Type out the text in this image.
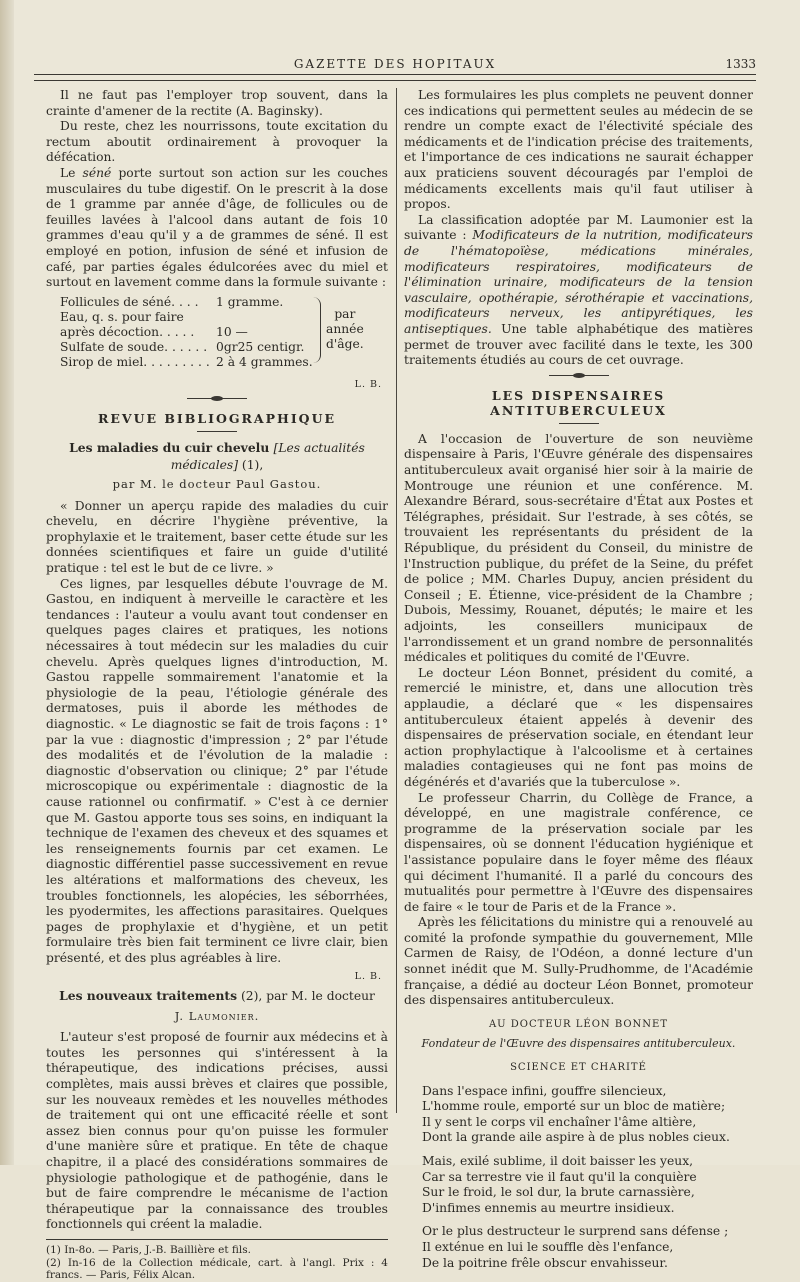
GAZETTE DES HOPITAUX	1333

Il ne faut pas l'employer trop souvent, dans la crainte d'amener de la rectite (A. Baginsky).

Du reste, chez les nourrissons, toute excitation du rectum aboutit ordinairement à provoquer la défécation.

Le séné porte surtout son action sur les couches musculaires du tube digestif. On le prescrit à la dose de 1 gramme par année d'âge, de follicules ou de feuilles lavées à l'alcool dans autant de fois 10 grammes d'eau qu'il y a de grammes de séné. Il est employé en potion, infusion de séné et infusion de café, par parties égales édulcorées avec du miel et surtout en lavement comme dans la formule suivante :

Follicules de séné. . . . 1 gramme.
Eau, q. s. pour faire
après décoction. . . . . 10 —
Sulfate de soude. . . . . . 0gr25 centigr.
Sirop de miel. . . . . . . . . 2 à 4 grammes.
par
année
d'âge.
L. B.
REVUE BIBLIOGRAPHIQUE

Les maladies du cuir chevelu [Les actualités médicales] (1),

par M. le docteur Paul Gastou.

« Donner un aperçu rapide des maladies du cuir chevelu, en décrire l'hygiène préventive, la prophylaxie et le traitement, baser cette étude sur les données scientifiques et faire un guide d'utilité pratique : tel est le but de ce livre. »

Ces lignes, par lesquelles débute l'ouvrage de M. Gastou, en indiquent à merveille le caractère et les tendances : l'auteur a voulu avant tout condenser en quelques pages claires et pratiques, les notions nécessaires à tout médecin sur les maladies du cuir chevelu. Après quelques lignes d'introduction, M. Gastou rappelle sommairement l'anatomie et la physiologie de la peau, l'étiologie générale des dermatoses, puis il aborde les méthodes de diagnostic. « Le diagnostic se fait de trois façons : 1° par la vue : diagnostic d'impression ; 2° par l'étude des modalités et de l'évolution de la maladie : diagnostic d'observation ou clinique; 2° par l'étude microscopique ou expérimentale : diagnostic de la cause rationnel ou confirmatif. » C'est à ce dernier que M. Gastou apporte tous ses soins, en indiquant la technique de l'examen des cheveux et des squames et les renseignements fournis par cet examen. Le diagnostic différentiel passe successivement en revue les altérations et malformations des cheveux, les troubles fonctionnels, les alopécies, les séborrhées, les pyodermites, les affections parasitaires. Quelques pages de prophylaxie et d'hygiène, et un petit formulaire très bien fait terminent ce livre clair, bien présenté, et des plus agréables à lire.

L. B.

Les nouveaux traitements (2), par M. le docteur

J. Laumonier.

L'auteur s'est proposé de fournir aux médecins et à toutes les personnes qui s'intéressent à la thérapeutique, des indications précises, aussi complètes, mais aussi brèves et claires que possible, sur les nouveaux remèdes et les nouvelles méthodes de traitement qui ont une efficacité réelle et sont assez bien connus pour qu'on puisse les formuler d'une manière sûre et pratique. En tête de chaque chapitre, il a placé des considérations sommaires de physiologie pathologique et de pathogénie, dans le but de faire comprendre le mécanisme de l'action thérapeutique par la connaissance des troubles fonctionnels qui créent la maladie.

(1) In-8o. — Paris, J.-B. Baillière et fils.
(2) In-16 de la Collection médicale, cart. à l'angl. Prix : 4 francs. — Paris, Félix Alcan.

Les formulaires les plus complets ne peuvent donner ces indications qui permettent seules au médecin de se rendre un compte exact de l'électivité spéciale des médicaments et de l'indication précise des traitements, et l'importance de ces indications ne saurait échapper aux praticiens souvent découragés par l'emploi de médicaments excellents mais qu'il faut utiliser à propos.

La classification adoptée par M. Laumonier est la suivante : Modificateurs de la nutrition, modificateurs de l'hématopoïèse, médications minérales, modificateurs respiratoires, modificateurs de l'élimination urinaire, modificateurs de la tension vasculaire, opothérapie, sérothérapie et vaccinations, modificateurs nerveux, les antipyrétiques, les antiseptiques. Une table alphabétique des matières permet de trouver avec facilité dans le texte, les 300 traitements étudiés au cours de cet ouvrage.

LES DISPENSAIRES ANTITUBERCULEUX

A l'occasion de l'ouverture de son neuvième dispensaire à Paris, l'Œuvre générale des dispensaires antituberculeux avait organisé hier soir à la mairie de Montrouge une réunion et une conférence. M. Alexandre Bérard, sous-secrétaire d'État aux Postes et Télégraphes, présidait. Sur l'estrade, à ses côtés, se trouvaient les représentants du président de la République, du président du Conseil, du ministre de l'Instruction publique, du préfet de la Seine, du préfet de police ; MM. Charles Dupuy, ancien président du Conseil ; E. Étienne, vice-président de la Chambre ; Dubois, Messimy, Rouanet, députés; le maire et les adjoints, les conseillers municipaux de l'arrondissement et un grand nombre de personnalités médicales et politiques du comité de l'Œuvre.

Le docteur Léon Bonnet, président du comité, a remercié le ministre, et, dans une allocution très applaudie, a déclaré que « les dispensaires antituberculeux étaient appelés à devenir des dispensaires de préservation sociale, en étendant leur action prophylactique à l'alcoolisme et à certaines maladies contagieuses qui ne font pas moins de dégénérés et d'avariés que la tuberculose ».

Le professeur Charrin, du Collège de France, a développé, en une magistrale conférence, ce programme de la préservation sociale par les dispensaires, où se donnent l'éducation hygiénique et l'assistance populaire dans le foyer même des fléaux qui déciment l'humanité. Il a parlé du concours des mutualités pour permettre à l'Œuvre des dispensaires de faire « le tour de Paris et de la France ».

Après les félicitations du ministre qui a renouvelé au comité la profonde sympathie du gouvernement, Mlle Carmen de Raisy, de l'Odéon, a donné lecture d'un sonnet inédit que M. Sully-Prudhomme, de l'Académie française, a dédié au docteur Léon Bonnet, promoteur des dispensaires antituberculeux.

AU DOCTEUR LÉON BONNET
Fondateur de l'Œuvre des dispensaires antituberculeux.
SCIENCE ET CHARITÉ
Dans l'espace infini, gouffre silencieux,
L'homme roule, emporté sur un bloc de matière;
Il y sent le corps vil enchaîner l'âme altière,
Dont la grande aile aspire à de plus nobles cieux.
Mais, exilé sublime, il doit baisser les yeux,
Car sa terrestre vie il faut qu'il la conquière
Sur le froid, le sol dur, la brute carnassière,
D'infimes ennemis au meurtre insidieux.
Or le plus destructeur le surprend sans défense ;
Il exténue en lui le souffle dès l'enfance,
De la poitrine frêle obscur envahisseur.
